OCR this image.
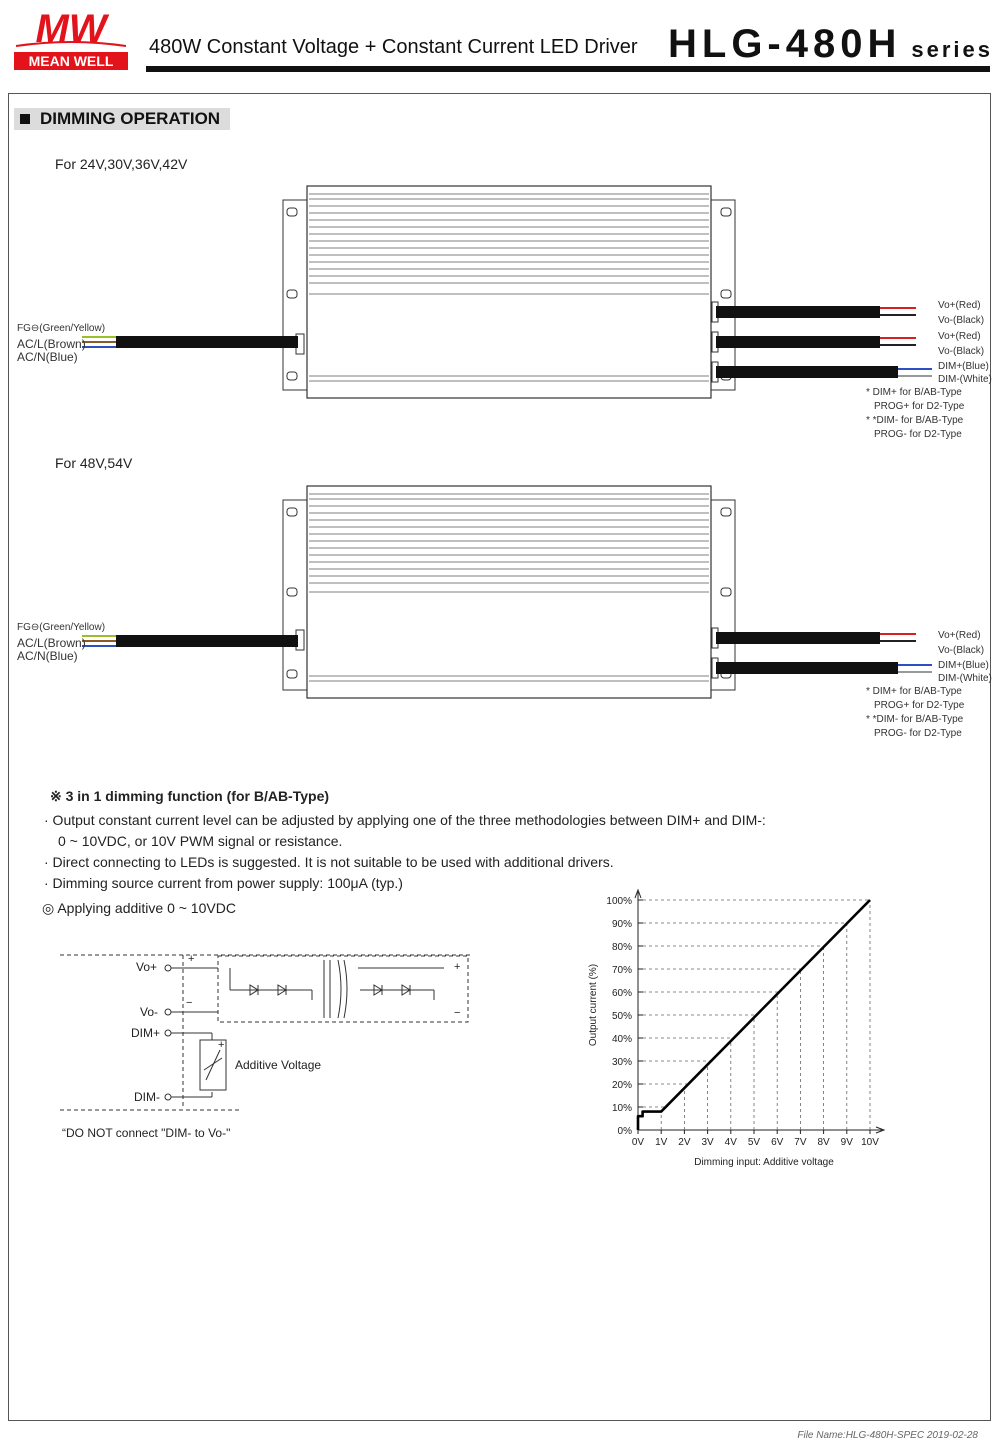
MW
MEAN WELL
480W Constant Voltage + Constant Current LED Driver HLG-480H series
DIMMING OPERATION
For 24V,30V,36V,42V
FG⊖(Green/Yellow)
AC/L(Brown)
AC/N(Blue)
Vo+(Red)
Vo-(Black)
Vo+(Red)
Vo-(Black)
DIM+(Blue)
DIM-(White)
* DIM+ for B/AB-Type
PROG+ for D2-Type
* *DIM- for B/AB-Type
PROG- for D2-Type
For 48V,54V
FG⊖(Green/Yellow)
AC/L(Brown)
AC/N(Blue)
Vo+(Red)
Vo-(Black)
DIM+(Blue)
DIM-(White)
* DIM+ for B/AB-Type
PROG+ for D2-Type
* *DIM- for B/AB-Type
PROG- for D2-Type
※ 3 in 1 dimming function (for B/AB-Type)
· Output constant current level can be adjusted by applying one of the three methodologies between DIM+ and DIM-:
0 ~ 10VDC, or 10V PWM signal or resistance.
· Direct connecting to LEDs is suggested. It is not suitable to be used with additional drivers.
· Dimming source current from power supply: 100μA (typ.)
◎ Applying additive 0 ~ 10VDC
+
−
+
−
+
Vo+
Vo-
DIM+
DIM-
Additive Voltage
“DO NOT connect "DIM- to Vo-"	0%
10%
20%
30%
40%
50%
60%
70%
80%
90%
100%
0V 1V 2V 3V 4V 5V 6V 7V 8V 9V 10V
Dimming input: Additive voltage
Output current (%)
File Name:HLG-480H-SPEC 2019-02-28
